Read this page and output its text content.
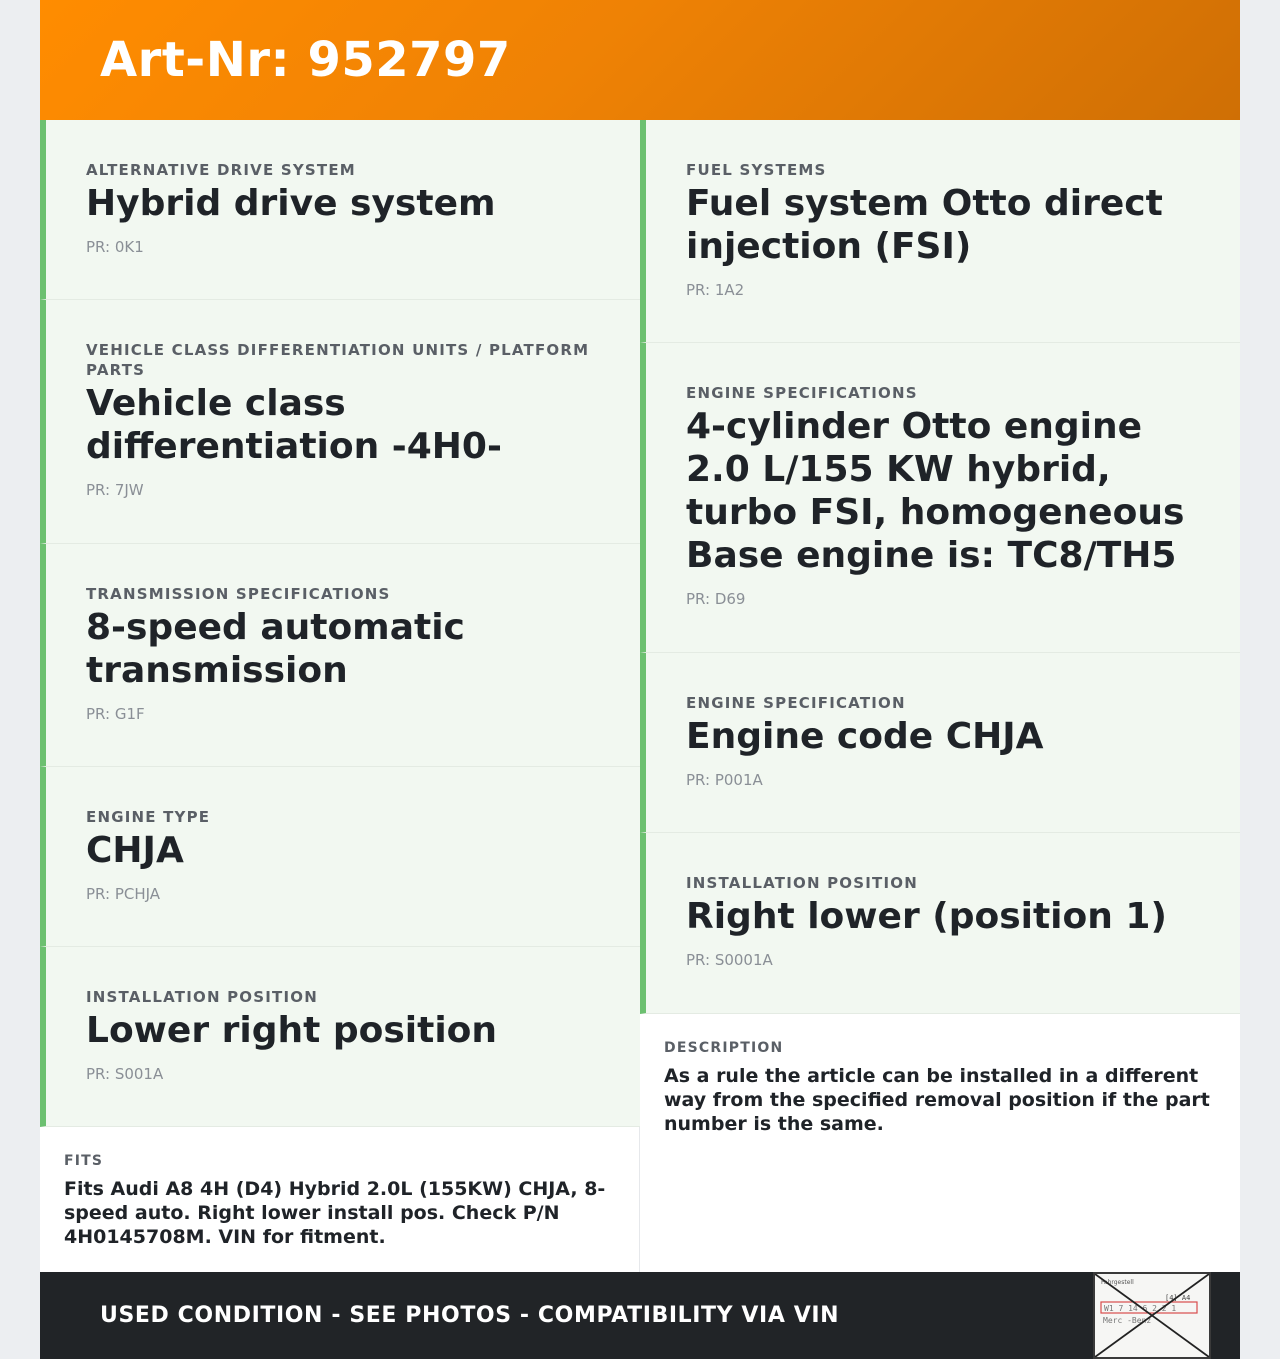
Art-Nr: 952797
ALTERNATIVE DRIVE SYSTEM
Hybrid drive system
PR: 0K1
VEHICLE CLASS DIFFERENTIATION UNITS / PLATFORM PARTS
Vehicle class differentiation -4H0-
PR: 7JW
TRANSMISSION SPECIFICATIONS
8-speed automatic transmission
PR: G1F
ENGINE TYPE
CHJA
PR: PCHJA
INSTALLATION POSITION
Lower right position
PR: S001A
FITS
Fits Audi A8 4H (D4) Hybrid 2.0L (155KW) CHJA, 8-speed auto. Right lower install pos. Check P/N 4H0145708M. VIN for fitment.
FUEL SYSTEMS
Fuel system Otto direct injection (FSI)
PR: 1A2
ENGINE SPECIFICATIONS
4-cylinder Otto engine 2.0 L/155 KW hybrid, turbo FSI, homogeneous Base engine is: TC8/TH5
PR: D69
ENGINE SPECIFICATION
Engine code CHJA
PR: P001A
INSTALLATION POSITION
Right lower (position 1)
PR: S0001A
DESCRIPTION
As a rule the article can be installed in a different way from the specified removal position if the part number is the same.
USED CONDITION - SEE PHOTOS - COMPATIBILITY VIA VIN
Fahrgestell
[4] A4
W1 7 14 6 2 2 1
Merc -Benz
